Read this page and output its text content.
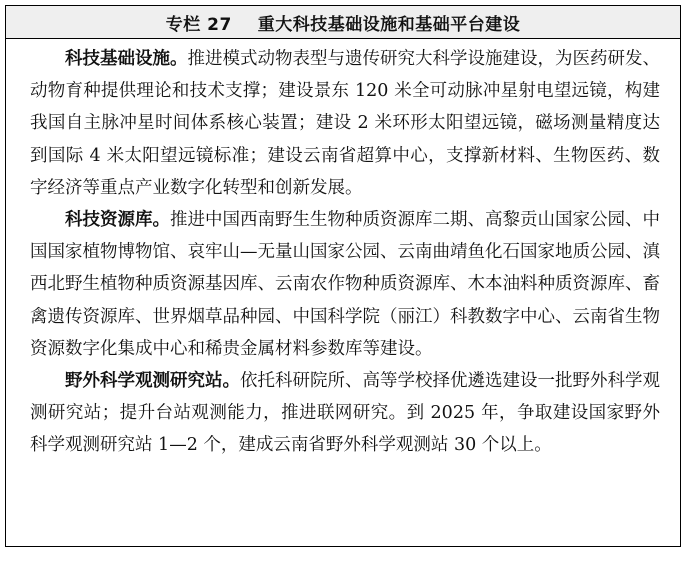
专栏 27 重大科技基础设施和基础平台建设

科技基础设施。推进模式动物表型与遗传研究大科学设施建设，为医药研发、动物育种提供理论和技术支撑；建设景东 120 米全可动脉冲星射电望远镜，构建我国自主脉冲星时间体系核心装置；建设 2 米环形太阳望远镜，磁场测量精度达到国际 4 米太阳望远镜标准；建设云南省超算中心，支撑新材料、生物医药、数字经济等重点产业数字化转型和创新发展。

科技资源库。推进中国西南野生生物种质资源库二期、高黎贡山国家公园、中国国家植物博物馆、哀牢山—无量山国家公园、云南曲靖鱼化石国家地质公园、滇西北野生植物种质资源基因库、云南农作物种质资源库、木本油料种质资源库、畜禽遗传资源库、世界烟草品种园、中国科学院（丽江）科教数字中心、云南省生物资源数字化集成中心和稀贵金属材料参数库等建设。

野外科学观测研究站。依托科研院所、高等学校择优遴选建设一批野外科学观测研究站；提升台站观测能力，推进联网研究。到 2025 年，争取建设国家野外科学观测研究站 1—2 个，建成云南省野外科学观测站 30 个以上。
